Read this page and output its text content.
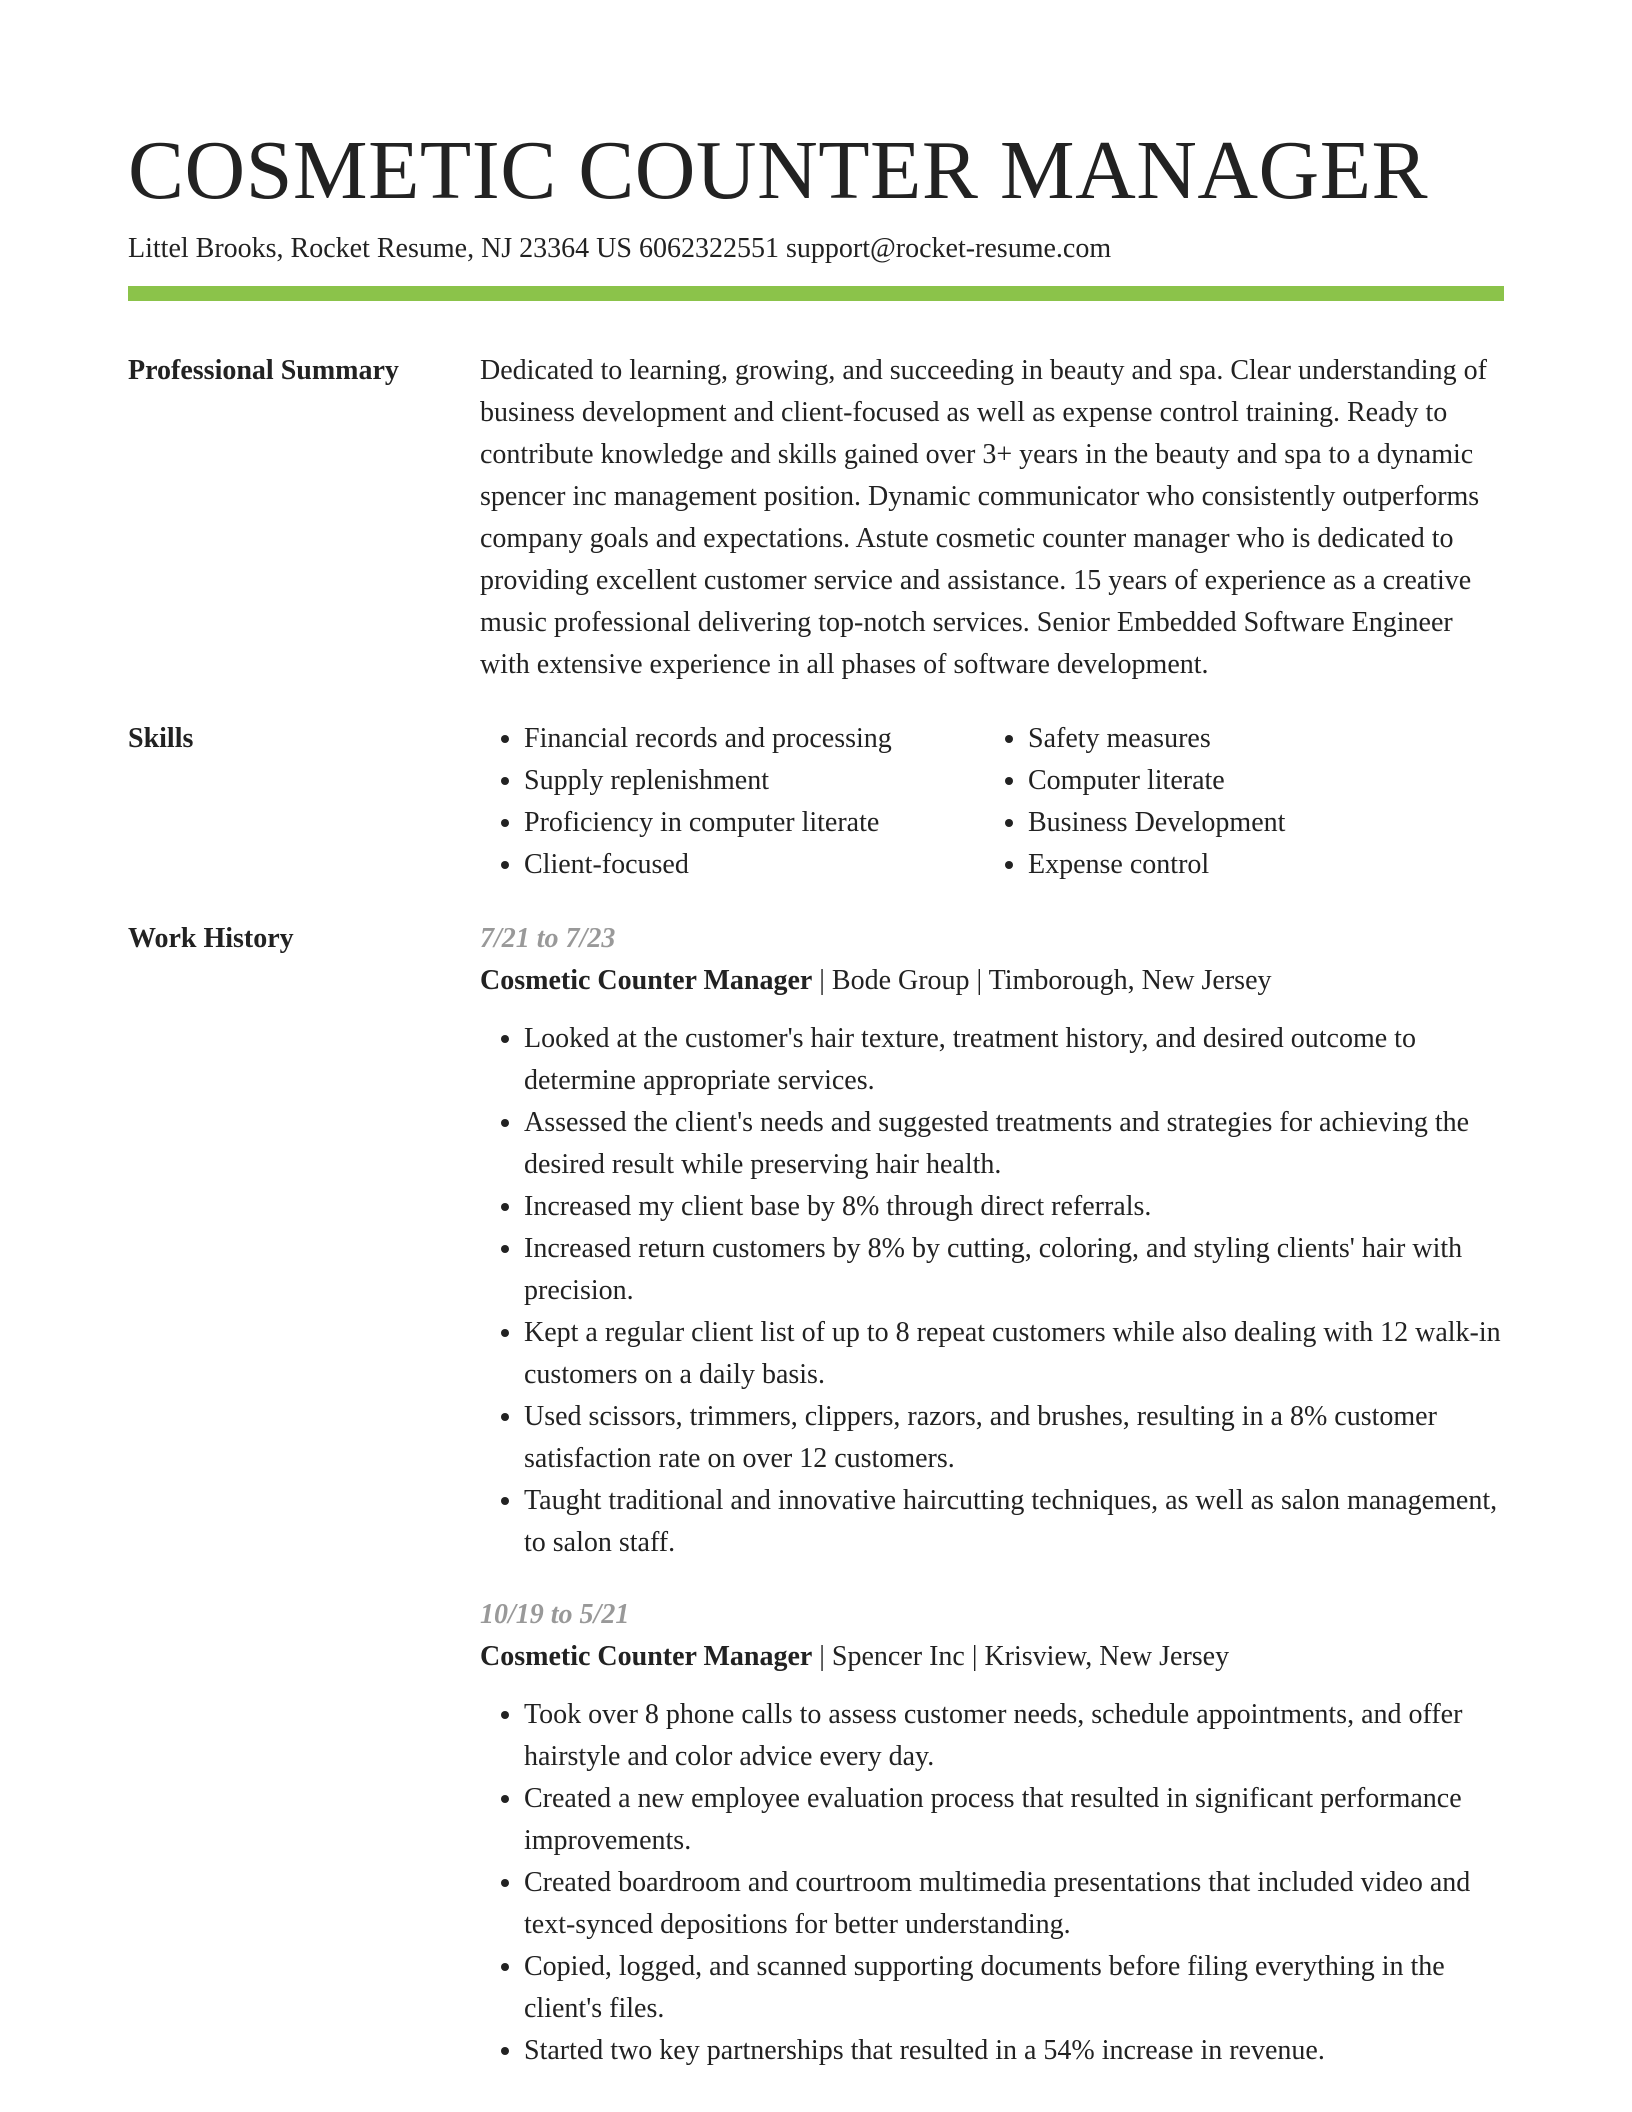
COSMETIC COUNTER MANAGER
Littel Brooks, Rocket Resume, NJ 23364 US 6062322551 support@rocket-resume.com
Professional Summary	Dedicated to learning, growing, and succeeding in beauty and spa. Clear understanding of business development and client-focused as well as expense control training. Ready to contribute knowledge and skills gained over 3+ years in the beauty and spa to a dynamic spencer inc management position. Dynamic communicator who consistently outperforms company goals and expectations. Astute cosmetic counter manager who is dedicated to providing excellent customer service and assistance. 15 years of experience as a creative music professional delivering top-notch services. Senior Embedded Software Engineer with extensive experience in all phases of software development.

Skills
•	Financial records and processing
• Supply replenishment
• Proficiency in computer literate
• Client-focused
• Safety measures
• Computer literate
• Business Development
• Expense control
Work History	7/21 to 7/23
Cosmetic Counter Manager | Bode Group | Timborough, New Jersey
• Looked at the customer's hair texture, treatment history, and desired outcome to determine appropriate services.
• Assessed the client's needs and suggested treatments and strategies for achieving the desired result while preserving hair health.
• Increased my client base by 8% through direct referrals.
• Increased return customers by 8% by cutting, coloring, and styling clients' hair with precision.
• Kept a regular client list of up to 8 repeat customers while also dealing with 12 walk-in customers on a daily basis.
• Used scissors, trimmers, clippers, razors, and brushes, resulting in a 8% customer satisfaction rate on over 12 customers.
• Taught traditional and innovative haircutting techniques, as well as salon management, to salon staff.
10/19 to 5/21
Cosmetic Counter Manager | Spencer Inc | Krisview, New Jersey
• Took over 8 phone calls to assess customer needs, schedule appointments, and offer hairstyle and color advice every day.
• Created a new employee evaluation process that resulted in significant performance improvements.
• Created boardroom and courtroom multimedia presentations that included video and text-synced depositions for better understanding.
• Copied, logged, and scanned supporting documents before filing everything in the client's files.
• Started two key partnerships that resulted in a 54% increase in revenue.
